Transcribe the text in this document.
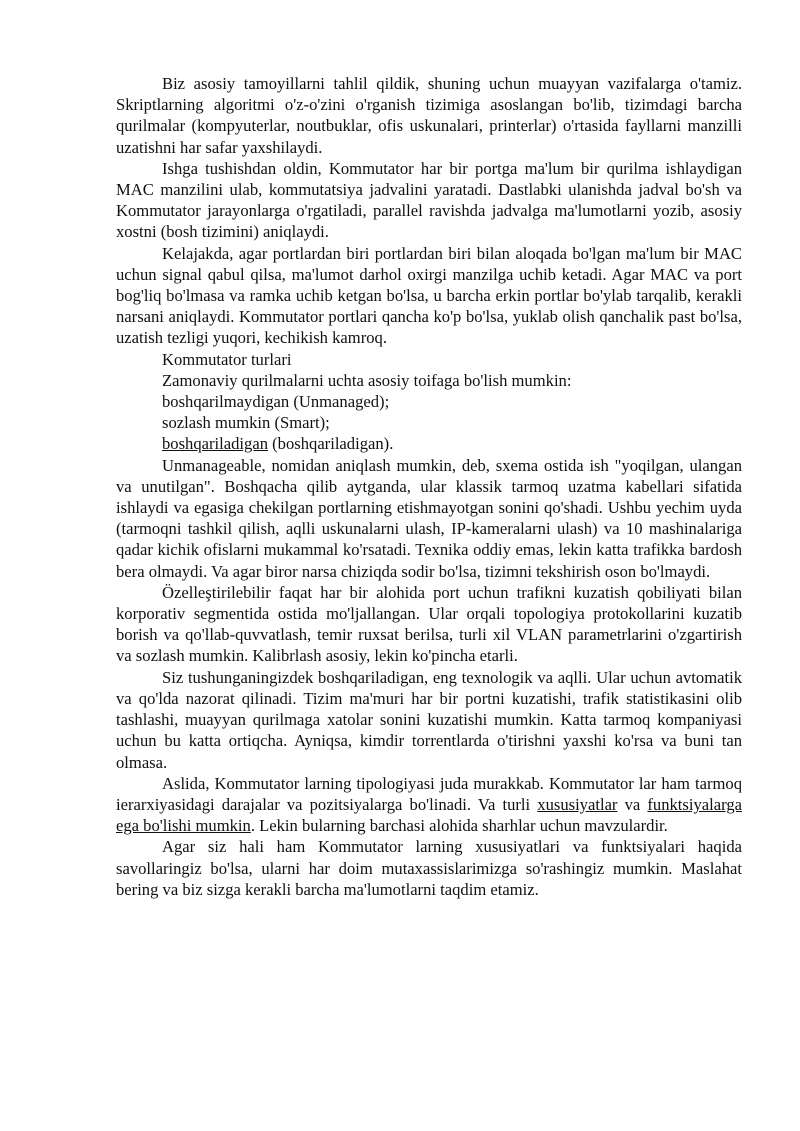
Biz asosiy tamoyillarni tahlil qildik, shuning uchun muayyan vazifalarga o'tamiz. Skriptlarning algoritmi o'z-o'zini o'rganish tizimiga asoslangan bo'lib, tizimdagi barcha qurilmalar (kompyuterlar, noutbuklar, ofis uskunalari, printerlar) o'rtasida fayllarni manzilli uzatishni har safar yaxshilaydi.

Ishga tushishdan oldin, Kommutator har bir portga ma'lum bir qurilma ishlaydigan MAC manzilini ulab, kommutatsiya jadvalini yaratadi. Dastlabki ulanishda jadval bo'sh va Kommutator jarayonlarga o'rgatiladi, parallel ravishda jadvalga ma'lumotlarni yozib, asosiy xostni (bosh tizimini) aniqlaydi.

Kelajakda, agar portlardan biri portlardan biri bilan aloqada bo'lgan ma'lum bir MAC uchun signal qabul qilsa, ma'lumot darhol oxirgi manzilga uchib ketadi. Agar MAC va port bog'liq bo'lmasa va ramka uchib ketgan bo'lsa, u barcha erkin portlar bo'ylab tarqalib, kerakli narsani aniqlaydi. Kommutator portlari qancha ko'p bo'lsa, yuklab olish qanchalik past bo'lsa, uzatish tezligi yuqori, kechikish kamroq.

Kommutator turlari

Zamonaviy qurilmalarni uchta asosiy toifaga bo'lish mumkin:

boshqarilmaydigan (Unmanaged);

sozlash mumkin (Smart);

boshqariladigan (boshqariladigan).

Unmanageable, nomidan aniqlash mumkin, deb, sxema ostida ish "yoqilgan, ulangan va unutilgan". Boshqacha qilib aytganda, ular klassik tarmoq uzatma kabellari sifatida ishlaydi va egasiga chekilgan portlarning etishmayotgan sonini qo'shadi. Ushbu yechim uyda (tarmoqni tashkil qilish, aqlli uskunalarni ulash, IP-kameralarni ulash) va 10 mashinalariga qadar kichik ofislarni mukammal ko'rsatadi. Texnika oddiy emas, lekin katta trafikka bardosh bera olmaydi. Va agar biror narsa chiziqda sodir bo'lsa, tizimni tekshirish oson bo'lmaydi.

Özelleştirilebilir faqat har bir alohida port uchun trafikni kuzatish qobiliyati bilan korporativ segmentida ostida mo'ljallangan. Ular orqali topologiya protokollarini kuzatib borish va qo'llab-quvvatlash, temir ruxsat berilsa, turli xil VLAN parametrlarini o'zgartirish va sozlash mumkin. Kalibrlash asosiy, lekin ko'pincha etarli.

Siz tushunganingizdek boshqariladigan, eng texnologik va aqlli. Ular uchun avtomatik va qo'lda nazorat qilinadi. Tizim ma'muri har bir portni kuzatishi, trafik statistikasini olib tashlashi, muayyan qurilmaga xatolar sonini kuzatishi mumkin. Katta tarmoq kompaniyasi uchun bu katta ortiqcha. Ayniqsa, kimdir torrentlarda o'tirishni yaxshi ko'rsa va buni tan olmasa.

Aslida, Kommutator larning tipologiyasi juda murakkab. Kommutator lar ham tarmoq ierarxiyasidagi darajalar va pozitsiyalarga bo'linadi. Va turli xususiyatlar va funktsiyalarga ega bo'lishi mumkin. Lekin bularning barchasi alohida sharhlar uchun mavzulardir.

Agar siz hali ham Kommutator larning xususiyatlari va funktsiyalari haqida savollaringiz bo'lsa, ularni har doim mutaxassislarimizga so'rashingiz mumkin. Maslahat bering va biz sizga kerakli barcha ma'lumotlarni taqdim etamiz.
